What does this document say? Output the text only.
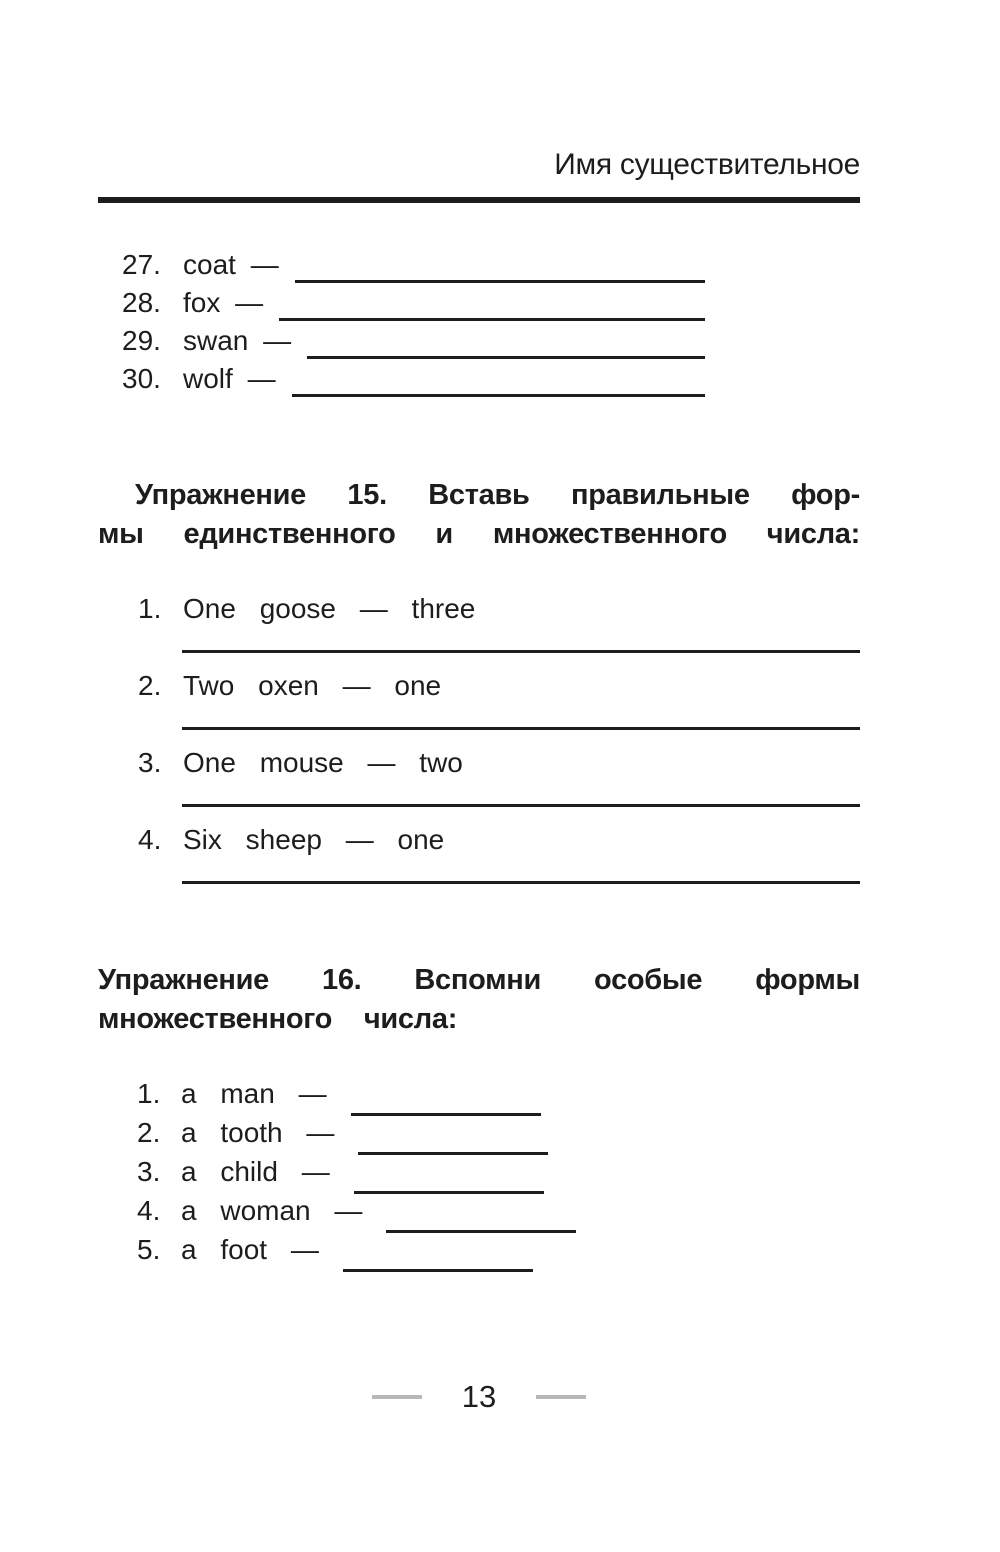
Имя существительное
27. coat —
28. fox —
29. swan —
30. wolf —
Упражнение 15. Вставь правильные фор-
мы единственного и множественного числа:
1. One goose — three
2. Two oxen — one
3. One mouse — two
4. Six sheep — one
Упражнение 16. Вспомни особые формы
множественного числа:
1. a man —
2. a tooth —
3. a child —
4. a woman —
5. a foot —
13
